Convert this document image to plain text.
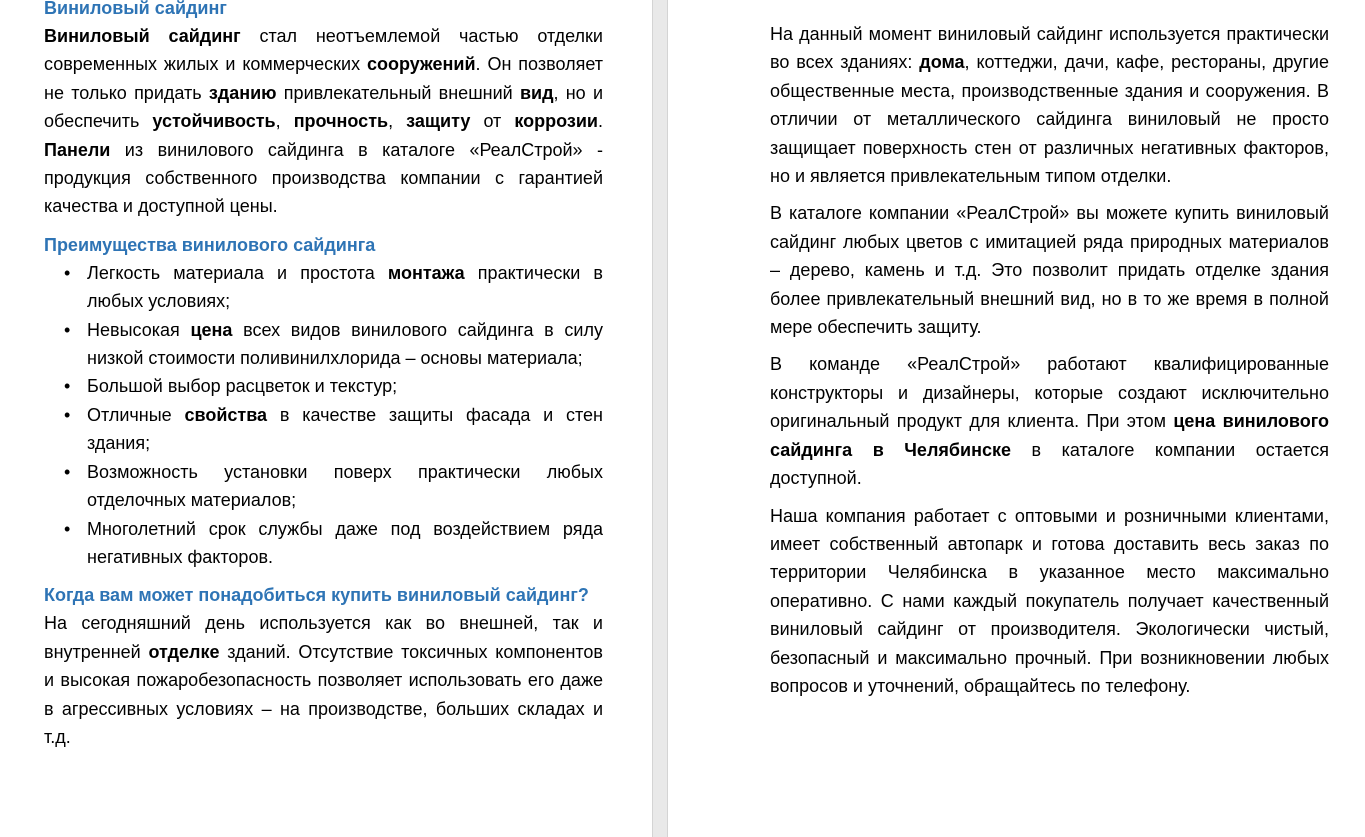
Виниловый сайдинг

Виниловый сайдинг стал неотъемлемой частью отделки современных жилых и коммерческих сооружений. Он позволяет не только придать зданию привлекательный внешний вид, но и обеспечить устойчивость, прочность, защиту от коррозии. Панели из винилового сайдинга в каталоге «РеалСтрой» - продукция собственного производства компании с гарантией качества и доступной цены.

Преимущества винилового сайдинга
• Легкость материала и простота монтажа практически в любых условиях;
• Невысокая цена всех видов винилового сайдинга в силу низкой стоимости поливинилхлорида – основы материала;
• Большой выбор расцветок и текстур;
• Отличные свойства в качестве защиты фасада и стен здания;
• Возможность установки поверх практически любых отделочных материалов;
• Многолетний срок службы даже под воздействием ряда негативных факторов.
Когда вам может понадобиться купить виниловый сайдинг?

На сегодняшний день используется как во внешней, так и внутренней отделке зданий. Отсутствие токсичных компонентов и высокая пожаробезопасность позволяет использовать его даже в агрессивных условиях – на производстве, больших складах и т.д.

На данный момент виниловый сайдинг используется практически во всех зданиях: дома, коттеджи, дачи, кафе, рестораны, другие общественные места, производственные здания и сооружения. В отличии от металлического сайдинга виниловый не просто защищает поверхность стен от различных негативных факторов, но и является привлекательным типом отделки.

В каталоге компании «РеалСтрой» вы можете купить виниловый сайдинг любых цветов с имитацией ряда природных материалов – дерево, камень и т.д. Это позволит придать отделке здания более привлекательный внешний вид, но в то же время в полной мере обеспечить защиту.

В команде «РеалСтрой» работают квалифицированные конструкторы и дизайнеры, которые создают исключительно оригинальный продукт для клиента. При этом цена винилового сайдинга в Челябинске в каталоге компании остается доступной.

Наша компания работает с оптовыми и розничными клиентами, имеет собственный автопарк и готова доставить весь заказ по территории Челябинска в указанное место максимально оперативно. С нами каждый покупатель получает качественный виниловый сайдинг от производителя. Экологически чистый, безопасный и максимально прочный. При возникновении любых вопросов и уточнений, обращайтесь по телефону.
